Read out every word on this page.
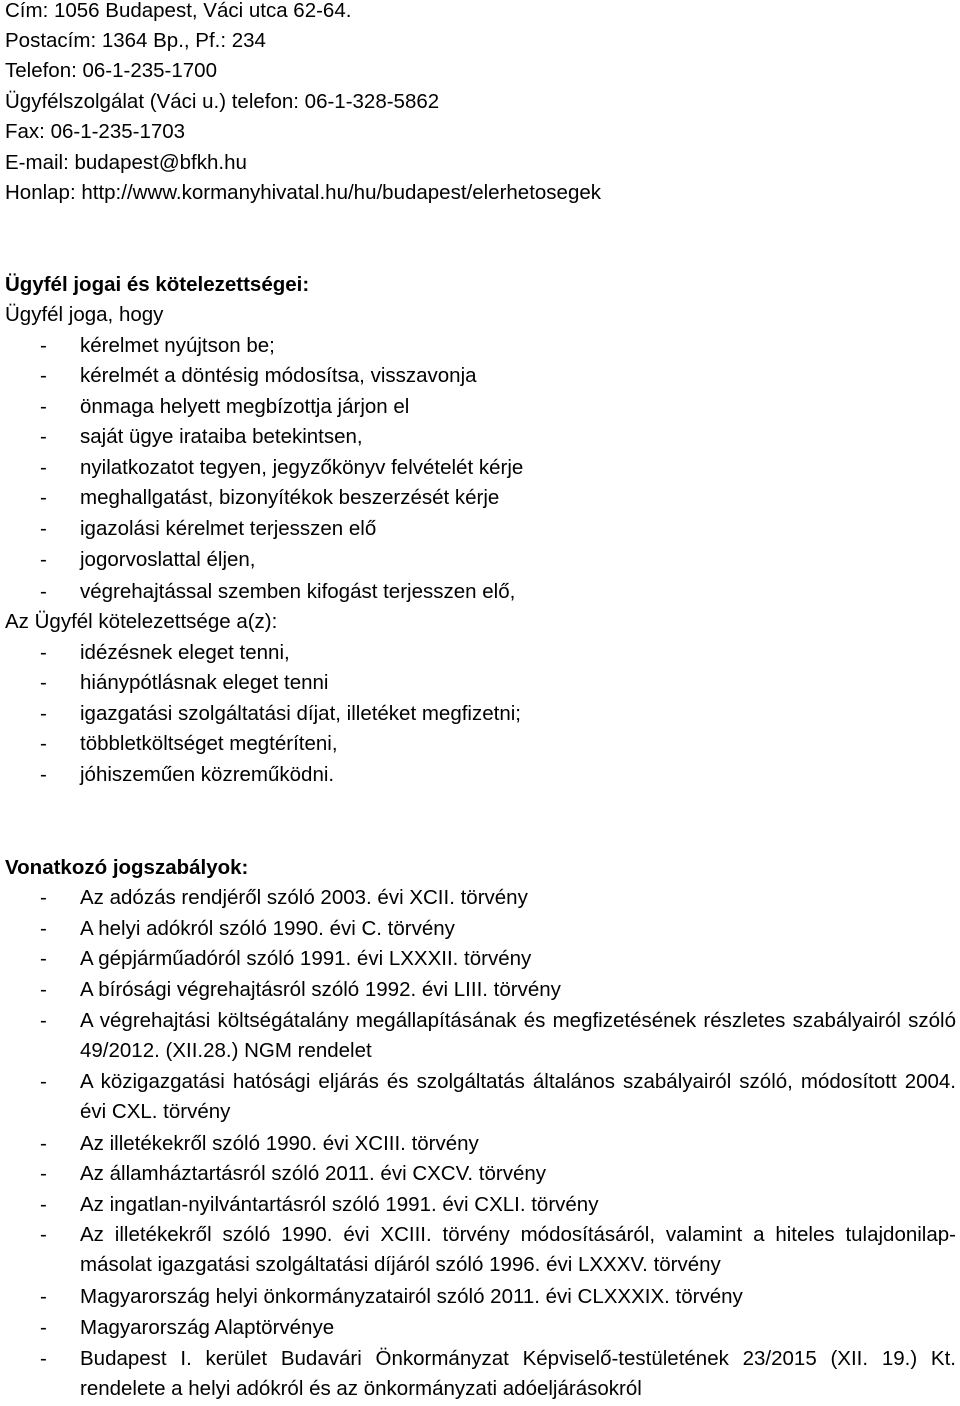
Cím: 1056 Budapest, Váci utca 62-64.
Postacím: 1364 Bp., Pf.: 234
Telefon: 06-1-235-1700
Ügyfélszolgálat (Váci u.) telefon: 06-1-328-5862
Fax: 06-1-235-1703
E-mail: budapest@bfkh.hu
Honlap: http://www.kormanyhivatal.hu/hu/budapest/elerhetosegek
Ügyfél jogai és kötelezettségei:
Ügyfél joga, hogy
- kérelmet nyújtson be;
- kérelmét a döntésig módosítsa, visszavonja
- önmaga helyett megbízottja járjon el
- saját ügye irataiba betekintsen,
- nyilatkozatot tegyen, jegyzőkönyv felvételét kérje
- meghallgatást, bizonyítékok beszerzését kérje
- igazolási kérelmet terjesszen elő
- jogorvoslattal éljen,
- végrehajtással szemben kifogást terjesszen elő,
Az Ügyfél kötelezettsége a(z):
- idézésnek eleget tenni,
- hiánypótlásnak eleget tenni
- igazgatási szolgáltatási díjat, illetéket megfizetni;
- többletköltséget megtéríteni,
- jóhiszeműen közreműködni.
Vonatkozó jogszabályok:
- Az adózás rendjéről szóló 2003. évi XCII. törvény
- A helyi adókról szóló 1990. évi C. törvény
- A gépjárműadóról szóló 1991. évi LXXXII. törvény
- A bírósági végrehajtásról szóló 1992. évi LIII. törvény
- A végrehajtási költségátalány megállapításának és megfizetésének részletes szabályairól szóló 49/2012. (XII.28.) NGM rendelet
- A közigazgatási hatósági eljárás és szolgáltatás általános szabályairól szóló, módosított 2004. évi CXL. törvény
- Az illetékekről szóló 1990. évi XCIII. törvény
- Az államháztartásról szóló 2011. évi CXCV. törvény
- Az ingatlan-nyilvántartásról szóló 1991. évi CXLI. törvény
- Az illetékekről szóló 1990. évi XCIII. törvény módosításáról, valamint a hiteles tulajdonilap-másolat igazgatási szolgáltatási díjáról szóló 1996. évi LXXXV. törvény
- Magyarország helyi önkormányzatairól szóló 2011. évi CLXXXIX. törvény
- Magyarország Alaptörvénye
- Budapest I. kerület Budavári Önkormányzat Képviselő-testületének 23/2015 (XII. 19.) Kt. rendelete a helyi adókról és az önkormányzati adóeljárásokról
